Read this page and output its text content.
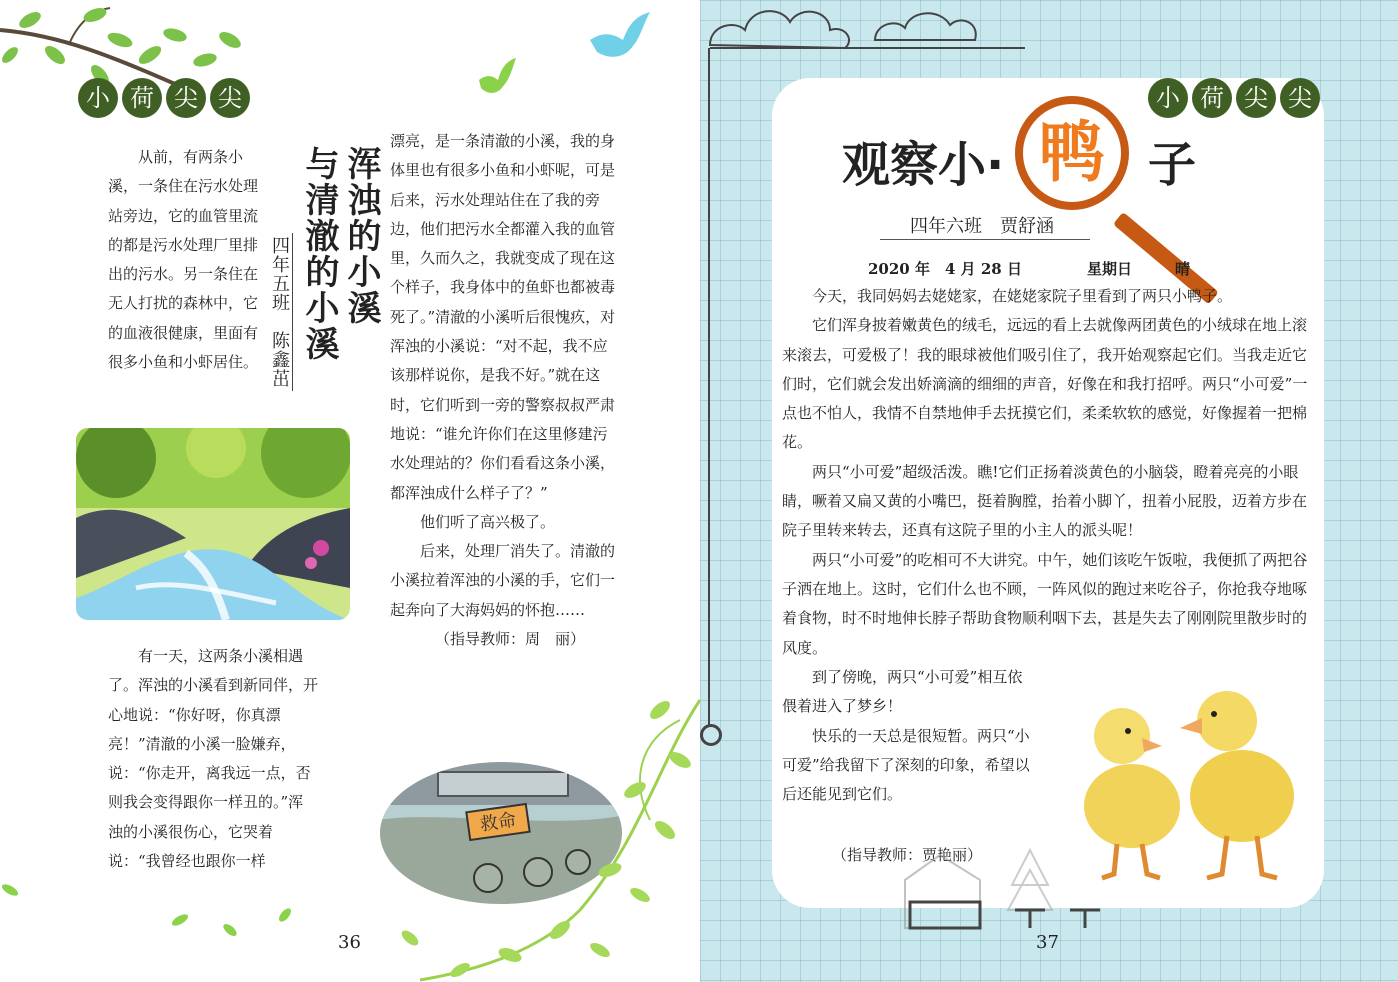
小 荷 尖 尖

从前，有两条小溪，一条住在污水处理站旁边，它的血管里流的都是污水处理厂里排出的污水。另一条住在无人打扰的森林中，它的血液很健康，里面有很多小鱼和小虾居住。

浑浊的小溪
与清澈的小溪
四年五班　陈鑫茁

有一天，这两条小溪相遇了。浑浊的小溪看到新同伴，开心地说：“你好呀，你真漂亮！”清澈的小溪一脸嫌弃，说：“你走开，离我远一点，否则我会变得跟你一样丑的。”浑浊的小溪很伤心，它哭着说：“我曾经也跟你一样

漂亮，是一条清澈的小溪，我的身体里也有很多小鱼和小虾呢，可是后来，污水处理站住在了我的旁边，他们把污水全都灌入我的血管里，久而久之，我就变成了现在这个样子，我身体中的鱼虾也都被毒死了。”清澈的小溪听后很愧疚，对浑浊的小溪说：“对不起，我不应该那样说你，是我不好。”就在这时，它们听到一旁的警察叔叔严肃地说：“谁允许你们在这里修建污水处理站的？你们看看这条小溪，都浑浊成什么样子了？”

他们听了高兴极了。

后来，处理厂消失了。清澈的小溪拉着浑浊的小溪的手，它们一起奔向了大海妈妈的怀抱……

（指导教师：周　丽）

救命
36
小 荷 尖 尖
观察小· 鸭 子
四年六班　贾舒涵
2020 年　4 月 28 日	星期日	晴

今天，我同妈妈去姥姥家，在姥姥家院子里看到了两只小鸭子。

它们浑身披着嫩黄色的绒毛，远远的看上去就像两团黄色的小绒球在地上滚来滚去，可爱极了！我的眼球被他们吸引住了，我开始观察起它们。当我走近它们时，它们就会发出娇滴滴的细细的声音，好像在和我打招呼。两只“小可爱”一点也不怕人，我情不自禁地伸手去抚摸它们，柔柔软软的感觉，好像握着一把棉花。

两只“小可爱”超级活泼。瞧!它们正扬着淡黄色的小脑袋，瞪着亮亮的小眼睛，噘着又扁又黄的小嘴巴，挺着胸膛，抬着小脚丫，扭着小屁股，迈着方步在院子里转来转去，还真有这院子里的小主人的派头呢！

两只“小可爱”的吃相可不大讲究。中午，她们该吃午饭啦，我便抓了两把谷子洒在地上。这时，它们什么也不顾，一阵风似的跑过来吃谷子，你抢我夺地啄着食物，时不时地伸长脖子帮助食物顺利咽下去，甚是失去了刚刚院里散步时的风度。

到了傍晚，两只“小可爱”相互依偎着进入了梦乡！

快乐的一天总是很短暂。两只“小可爱”给我留下了深刻的印象，希望以后还能见到它们。

（指导教师：贾艳丽）
37
